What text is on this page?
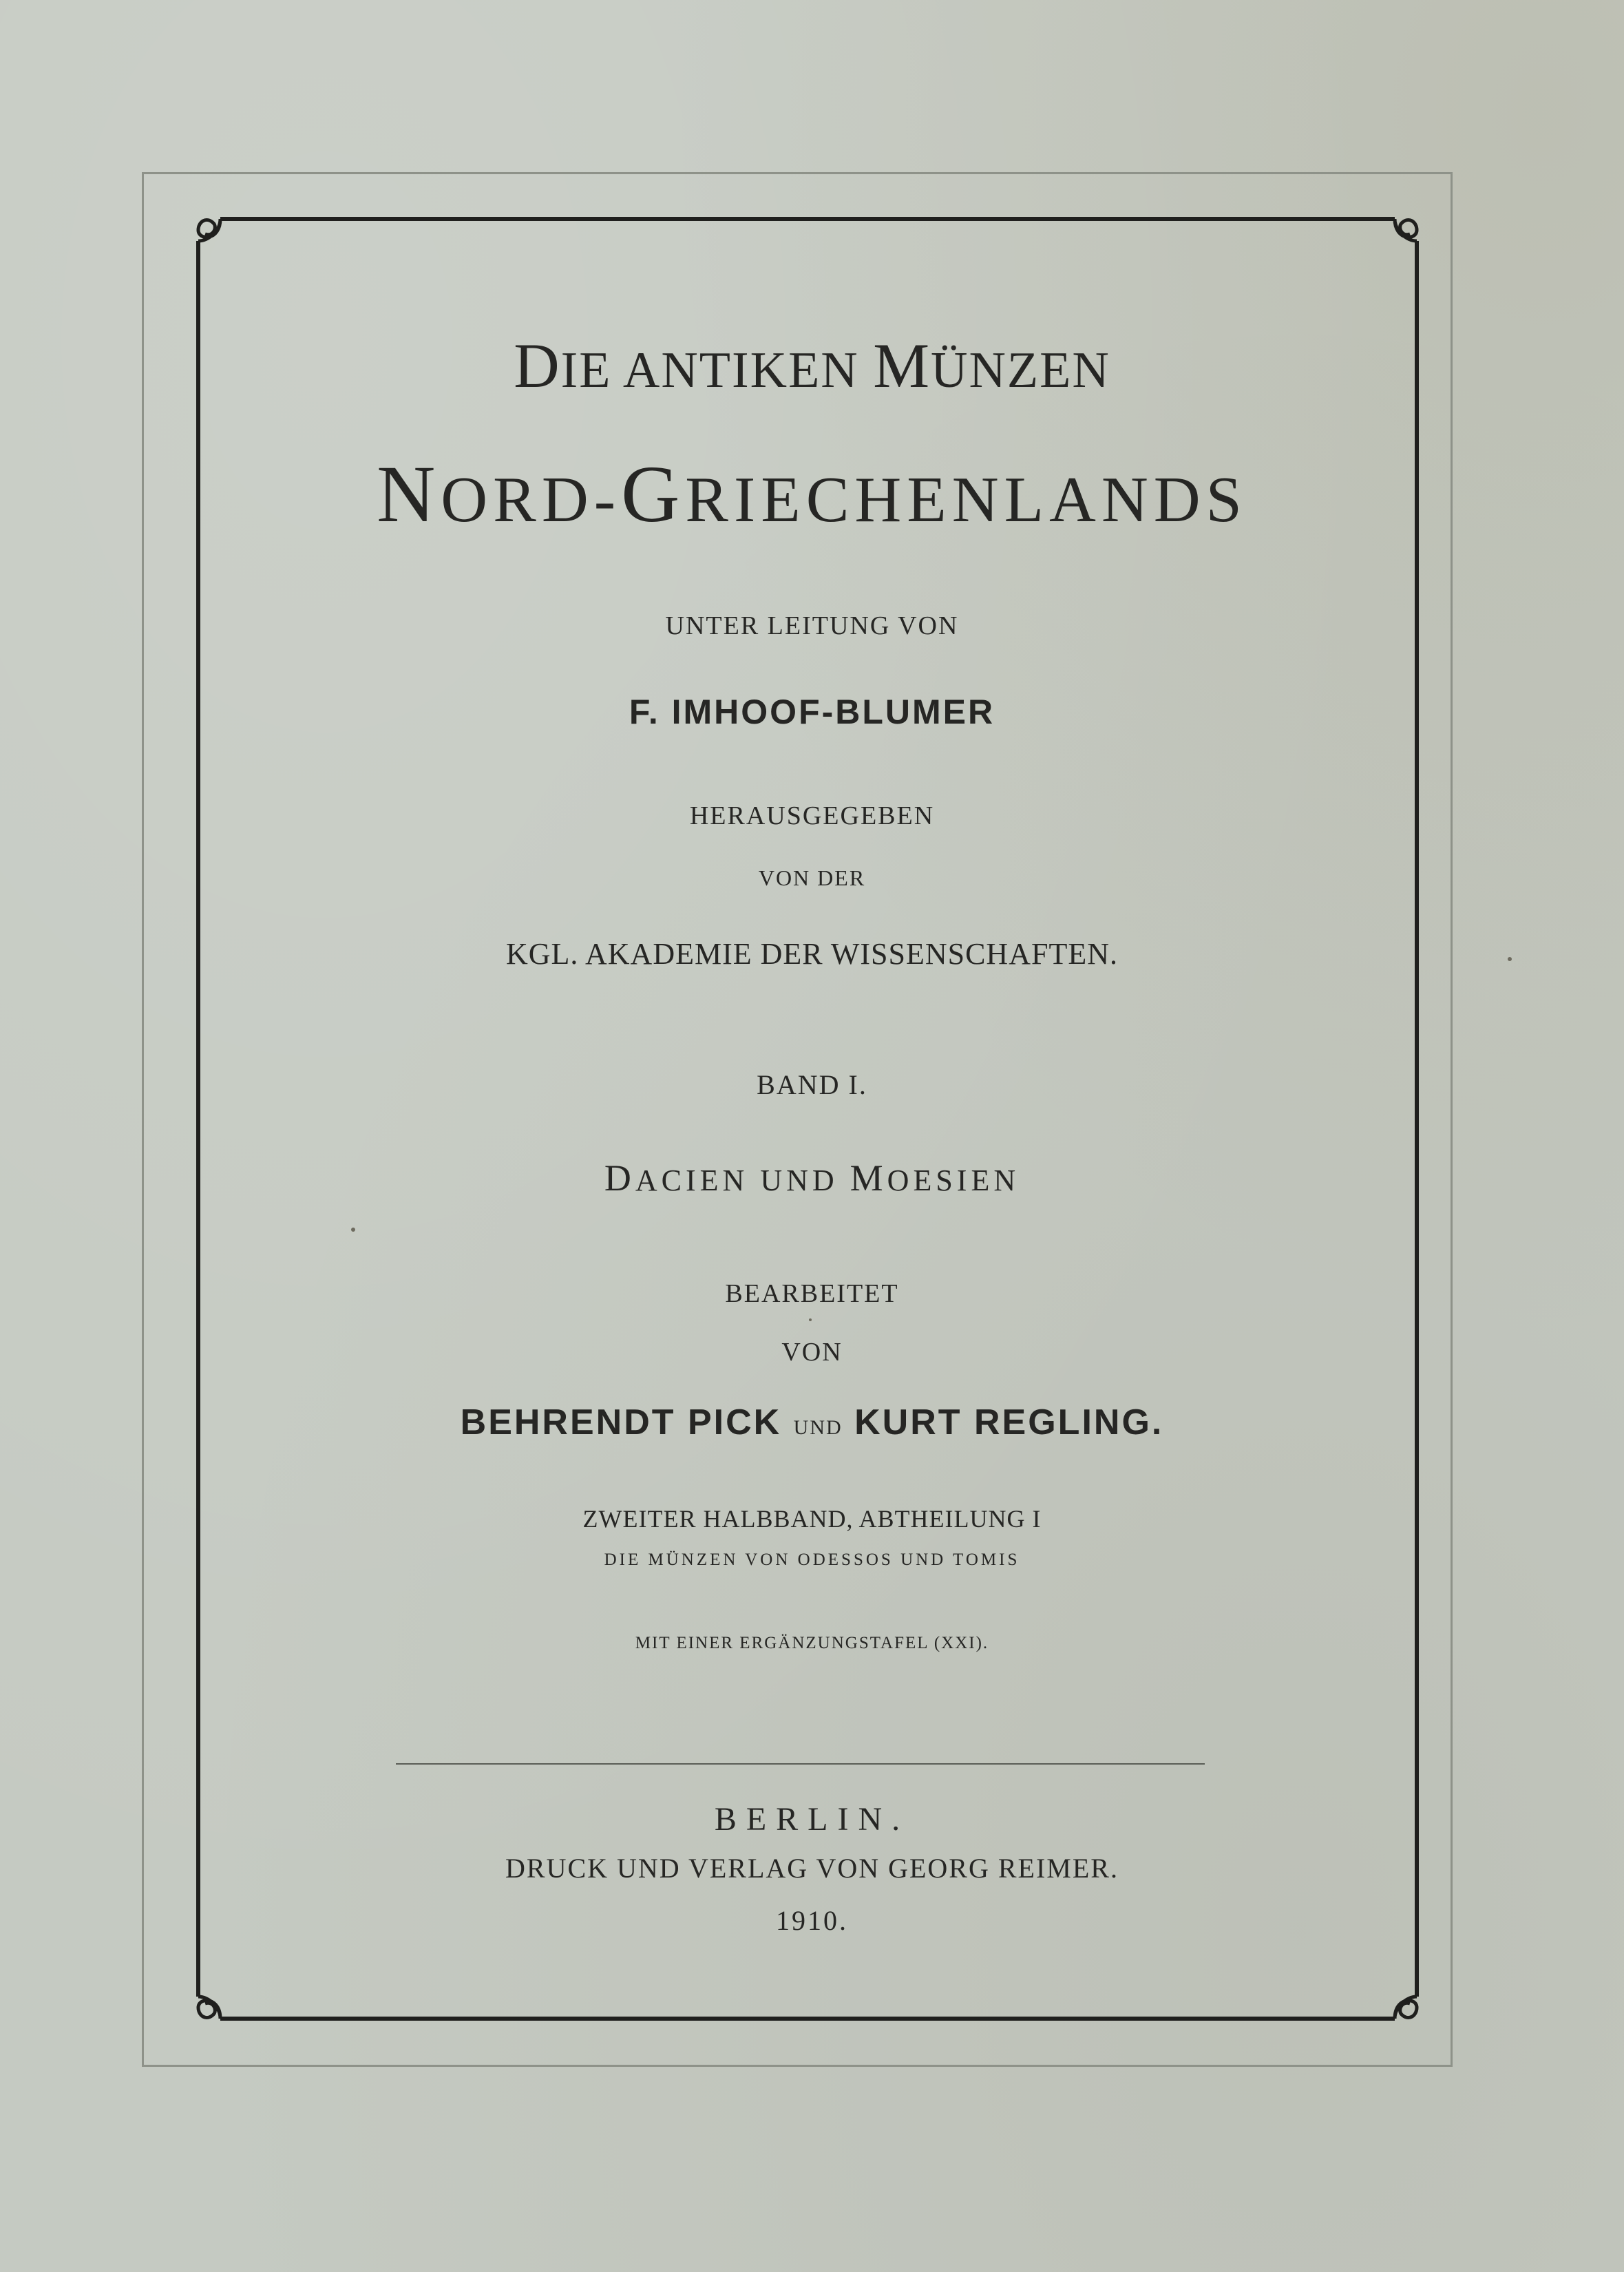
DIE ANTIKEN MÜNZEN
NORD-GRIECHENLANDS
UNTER LEITUNG VON
F. IMHOOF-BLUMER
HERAUSGEGEBEN
VON DER
KGL. AKADEMIE DER WISSENSCHAFTEN.
BAND I.
DACIEN UND MOESIEN
BEARBEITET
VON
BEHRENDT PICK UND KURT REGLING.
ZWEITER HALBBAND, ABTHEILUNG I
DIE MÜNZEN VON ODESSOS UND TOMIS
MIT EINER ERGÄNZUNGSTAFEL (XXI).
BERLIN.
DRUCK UND VERLAG VON GEORG REIMER.
1910.
